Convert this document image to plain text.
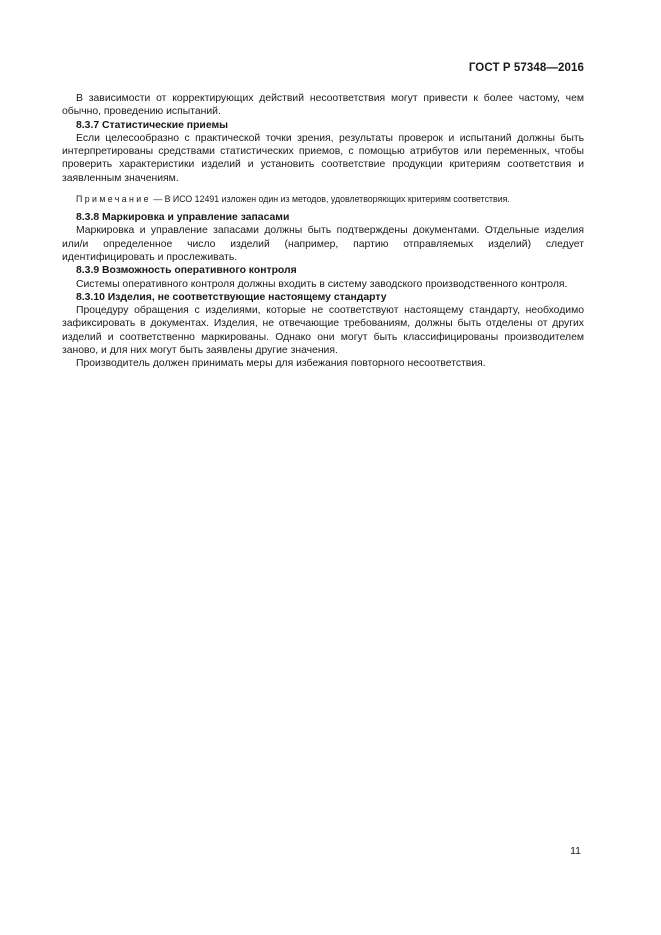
ГОСТ Р 57348—2016

В зависимости от корректирующих действий несоответствия могут привести к более частому, чем обычно, проведению испытаний.

8.3.7 Статистические приемы

Если целесообразно с практической точки зрения, результаты проверок и испытаний должны быть интерпретированы средствами статистических приемов, с помощью атрибутов или переменных, чтобы проверить характеристики изделий и установить соответствие продукции критериям соответствия и заявленным значениям.

Примечание — В ИСО 12491 изложен один из методов, удовлетворяющих критериям соответствия.

8.3.8 Маркировка и управление запасами

Маркировка и управление запасами должны быть подтверждены документами. Отдельные изделия или/и определенное число изделий (например, партию отправляемых изделий) следует идентифицировать и прослеживать.

8.3.9 Возможность оперативного контроля

Системы оперативного контроля должны входить в систему заводского производственного контроля.

8.3.10 Изделия, не соответствующие настоящему стандарту

Процедуру обращения с изделиями, которые не соответствуют настоящему стандарту, необходимо зафиксировать в документах. Изделия, не отвечающие требованиям, должны быть отделены от других изделий и соответственно маркированы. Однако они могут быть классифицированы производителем заново, и для них могут быть заявлены другие значения.

Производитель должен принимать меры для избежания повторного несоответствия.

11
